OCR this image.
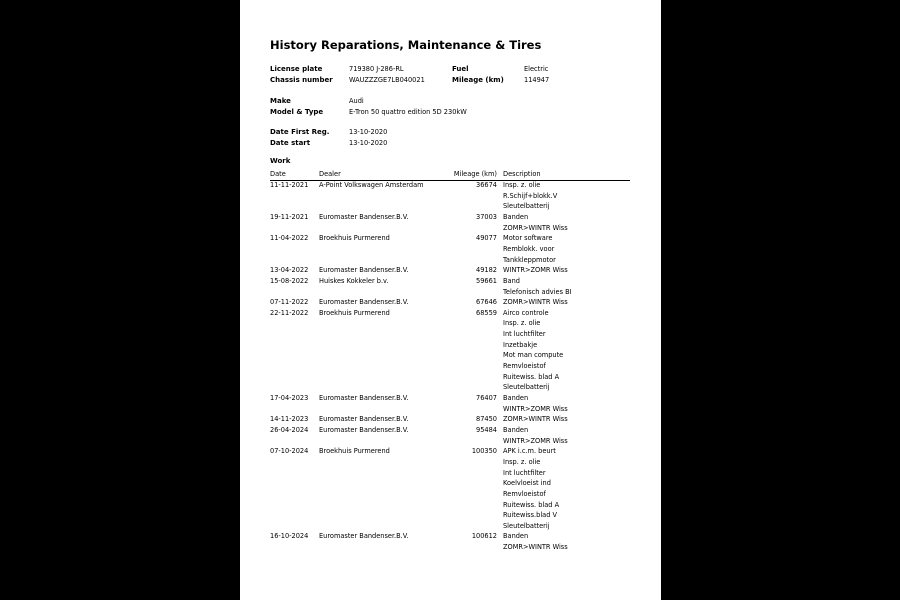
History Reparations, Maintenance & Tires
License plate	719380 J-286-RL	Fuel	Electric
Chassis number WAUZZZGE7LB040021	Mileage (km)	114947
Make	Audi
Model & Type	E-Tron 50 quattro edition 5D 230kW
Date First Reg.	13-10-2020
Date start	13-10-2020
Work
Date	Dealer	Mileage (km) Description
11-11-2021 A-Point Volkswagen Amsterdam	36674 Insp. z. olie
R.Schijf+blokk.V
Sleutelbatterij
19-11-2021 Euromaster Bandenser.B.V.	37003 Banden
ZOMR>WINTR Wiss
11-04-2022 Broekhuis Purmerend	49077 Motor software
Remblokk. voor
Tankkleppmotor
13-04-2022 Euromaster Bandenser.B.V.	49182 WINTR>ZOMR Wiss
15-08-2022 Huiskes Kokkeler b.v.	59661 Band
Telefonisch advies BI
07-11-2022 Euromaster Bandenser.B.V.	67646 ZOMR>WINTR Wiss
22-11-2022 Broekhuis Purmerend	68559 Airco controle
Insp. z. olie
Int luchtfilter
Inzetbakje
Mot man compute
Remvloeistof
Ruitewiss. blad A
Sleutelbatterij
17-04-2023 Euromaster Bandenser.B.V.	76407 Banden
WINTR>ZOMR Wiss
14-11-2023 Euromaster Bandenser.B.V.	87450 ZOMR>WINTR Wiss
26-04-2024 Euromaster Bandenser.B.V.	95484 Banden
WINTR>ZOMR Wiss
07-10-2024 Broekhuis Purmerend	100350 APK i.c.m. beurt
Insp. z. olie
Int luchtfilter
Koelvloeist ind
Remvloeistof
Ruitewiss. blad A
Ruitewiss.blad V
Sleutelbatterij
16-10-2024 Euromaster Bandenser.B.V.	100612 Banden
ZOMR>WINTR Wiss
